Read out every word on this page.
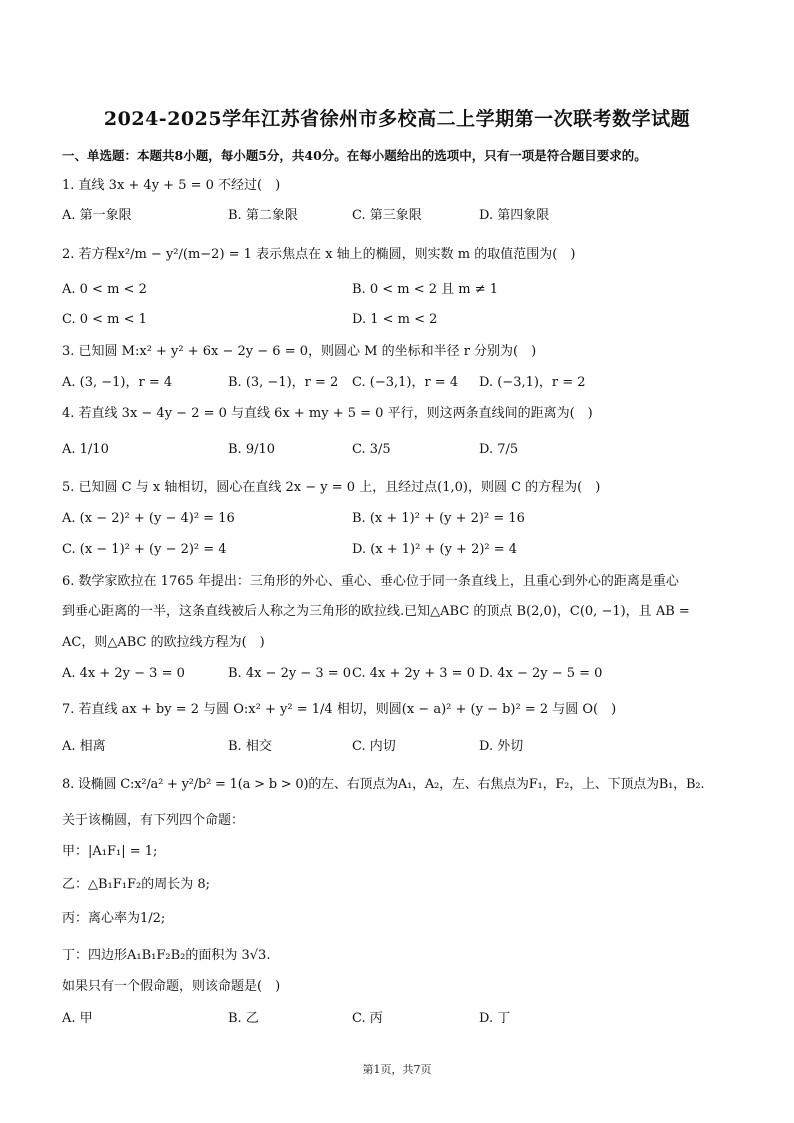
2024-2025学年江苏省徐州市多校高二上学期第一次联考数学试题
一、单选题：本题共8小题，每小题5分，共40分。在每小题给出的选项中，只有一项是符合题目要求的。
1. 直线 3x + 4y + 5 = 0 不经过(　)
A. 第一象限	B. 第二象限	C. 第三象限	D. 第四象限
2. 若方程x²/m − y²/(m−2) = 1 表示焦点在 x 轴上的椭圆，则实数 m 的取值范围为(　)
A. 0 < m < 2	B. 0 < m < 2 且 m ≠ 1
C. 0 < m < 1	D. 1 < m < 2
3. 已知圆 M:x² + y² + 6x − 2y − 6 = 0，则圆心 M 的坐标和半径 r 分别为(　)
A. (3, −1)，r = 4	B. (3, −1)，r = 2 C. (−3,1)，r = 4 D. (−3,1)，r = 2
4. 若直线 3x − 4y − 2 = 0 与直线 6x + my + 5 = 0 平行，则这两条直线间的距离为(　)
A. 1/10	B. 9/10	C. 3/5	D. 7/5
5. 已知圆 C 与 x 轴相切，圆心在直线 2x − y = 0 上，且经过点(1,0)，则圆 C 的方程为(　)
A. (x − 2)² + (y − 4)² = 16	B. (x + 1)² + (y + 2)² = 16
C. (x − 1)² + (y − 2)² = 4	D. (x + 1)² + (y + 2)² = 4
6. 数学家欧拉在 1765 年提出：三角形的外心、重心、垂心位于同一条直线上，且重心到外心的距离是重心
到垂心距离的一半，这条直线被后人称之为三角形的欧拉线.已知△ABC 的顶点 B(2,0)，C(0, −1)，且 AB =
AC，则△ABC 的欧拉线方程为(　)
A. 4x + 2y − 3 = 0	B. 4x − 2y − 3 = 0 C. 4x + 2y + 3 = 0 D. 4x − 2y − 5 = 0
7. 若直线 ax + by = 2 与圆 O:x² + y² = 1/4 相切，则圆(x − a)² + (y − b)² = 2 与圆 O(　)
A. 相离	B. 相交	C. 内切	D. 外切
8. 设椭圆 C:x²/a² + y²/b² = 1(a > b > 0)的左、右顶点为A₁，A₂，左、右焦点为F₁，F₂，上、下顶点为B₁，B₂.
关于该椭圆，有下列四个命题：
甲：|A₁F₁| = 1;
乙：△B₁F₁F₂的周长为 8;
丙：离心率为1/2;
丁：四边形A₁B₁F₂B₂的面积为 3√3.
如果只有一个假命题，则该命题是(　)
A. 甲	B. 乙	C. 丙	D. 丁
第1页，共7页
